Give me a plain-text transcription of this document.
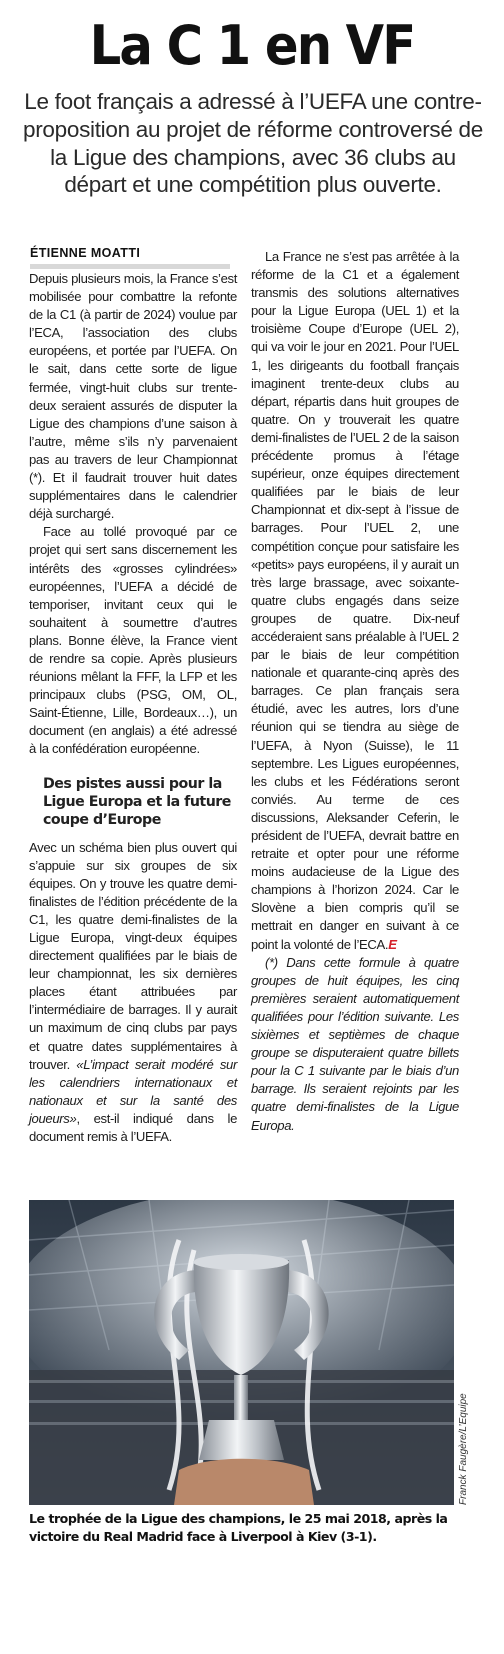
La C 1 en VF

Le foot français a adressé à l’UEFA une contre-proposition au projet de réforme controversé de la Ligue des champions, avec 36 clubs au départ et une compétition plus ouverte.

ÉTIENNE MOATTI

Depuis plusieurs mois, la France s’est mobilisée pour combattre la refonte de la C1 (à partir de 2024) voulue par l’ECA, l’association des clubs européens, et portée par l’UEFA. On le sait, dans cette sorte de ligue fermée, vingt-huit clubs sur trente-deux seraient assurés de disputer la Ligue des champions d’une saison à l’autre, même s’ils n’y parvenaient pas au travers de leur Championnat (*). Et il faudrait trouver huit dates supplémentaires dans le calendrier déjà surchargé.

Face au tollé provoqué par ce projet qui sert sans discernement les intérêts des «grosses cylindrées» européennes, l’UEFA a décidé de temporiser, invitant ceux qui le souhaitent à soumettre d’autres plans. Bonne élève, la France vient de rendre sa copie. Après plusieurs réunions mêlant la FFF, la LFP et les principaux clubs (PSG, OM, OL, Saint-Étienne, Lille, Bordeaux…), un document (en anglais) a été adressé à la confédération européenne.

Des pistes aussi pour la Ligue Europa et la future coupe d’Europe

Avec un schéma bien plus ouvert qui s’appuie sur six groupes de six équipes. On y trouve les quatre demi-finalistes de l’édition précédente de la C1, les quatre demi-finalistes de la Ligue Europa, vingt-deux équipes directement qualifiées par le biais de leur championnat, les six dernières places étant attribuées par l’intermédiaire de barrages. Il y aurait un maximum de cinq clubs par pays et quatre dates supplémentaires à trouver. «L’impact serait modéré sur les calendriers internationaux et nationaux et sur la santé des joueurs», est-il indiqué dans le document remis à l’UEFA.

La France ne s’est pas arrêtée à la réforme de la C1 et a également transmis des solutions alternatives pour la Ligue Europa (UEL 1) et la troisième Coupe d’Europe (UEL 2), qui va voir le jour en 2021. Pour l’UEL 1, les dirigeants du football français imaginent trente-deux clubs au départ, répartis dans huit groupes de quatre. On y trouverait les quatre demi-finalistes de l’UEL 2 de la saison précédente promus à l’étage supérieur, onze équipes directement qualifiées par le biais de leur Championnat et dix-sept à l’issue de barrages. Pour l’UEL 2, une compétition conçue pour satisfaire les «petits» pays européens, il y aurait un très large brassage, avec soixante-quatre clubs engagés dans seize groupes de quatre. Dix-neuf accéderaient sans préalable à l’UEL 2 par le biais de leur compétition nationale et quarante-cinq après des barrages. Ce plan français sera étudié, avec les autres, lors d’une réunion qui se tiendra au siège de l’UEFA, à Nyon (Suisse), le 11 septembre. Les Ligues européennes, les clubs et les Fédérations seront conviés. Au terme de ces discussions, Aleksander Ceferin, le président de l’UEFA, devrait battre en retraite et opter pour une réforme moins audacieuse de la Ligue des champions à l’horizon 2024. Car le Slovène a bien compris qu’il se mettrait en danger en suivant à ce point la volonté de l’ECA.E

(*) Dans cette formule à quatre groupes de huit équipes, les cinq premières seraient automatiquement qualifiées pour l’édition suivante. Les sixièmes et septièmes de chaque groupe se disputeraient quatre billets pour la C 1 suivante par le biais d’un barrage. Ils seraient rejoints par les quatre demi-finalistes de la Ligue Europa.

Franck Faugère/L’Equipe
Le trophée de la Ligue des champions, le 25 mai 2018, après la victoire du Real Madrid face à Liverpool à Kiev (3-1).
